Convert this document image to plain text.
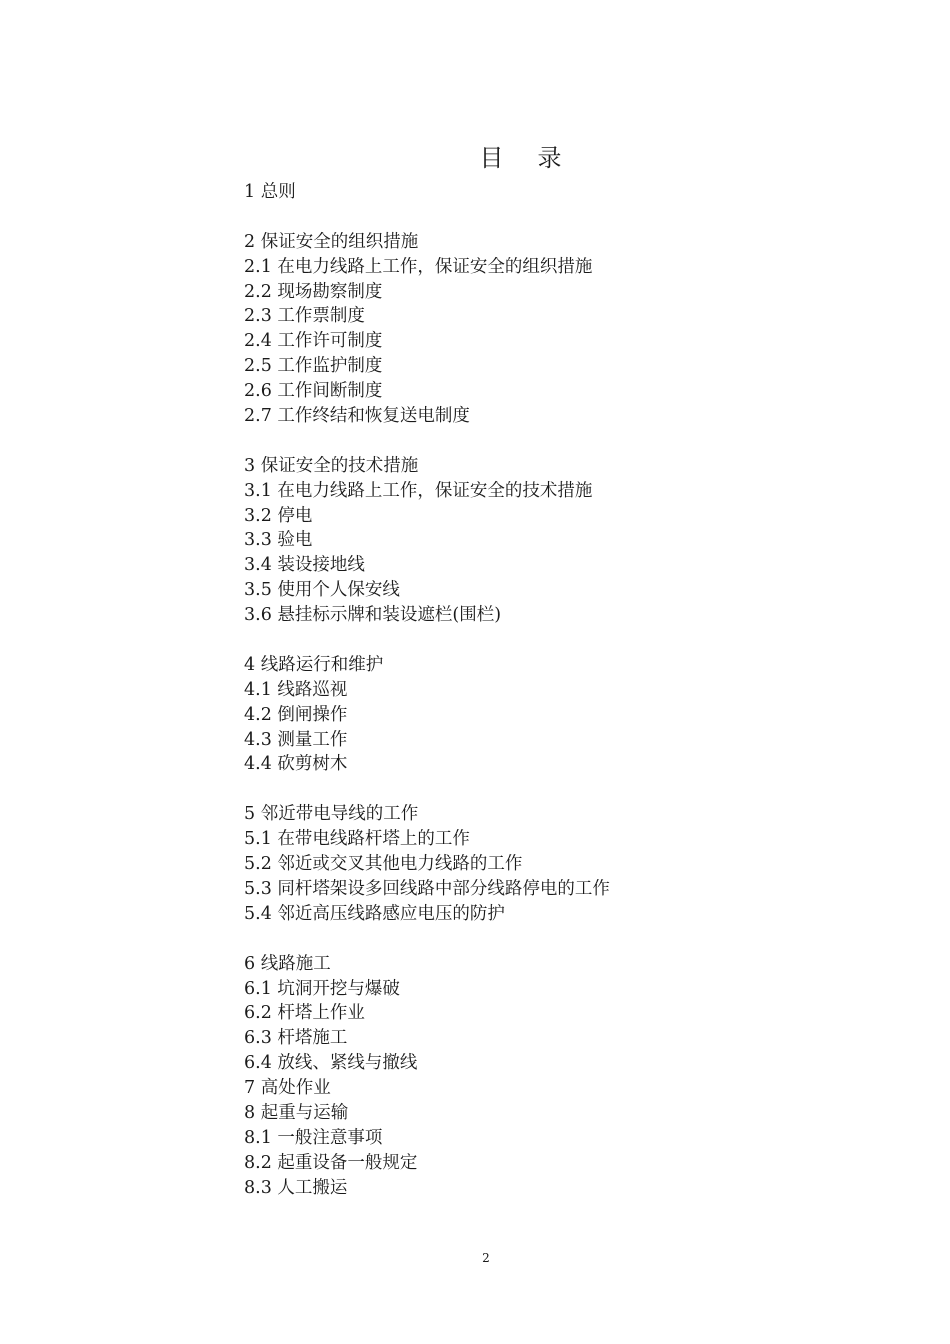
目录
1 总则
2 保证安全的组织措施
2.1 在电力线路上工作，保证安全的组织措施
2.2 现场勘察制度
2.3 工作票制度
2.4 工作许可制度
2.5 工作监护制度
2.6 工作间断制度
2.7 工作终结和恢复送电制度
3 保证安全的技术措施
3.1 在电力线路上工作，保证安全的技术措施
3.2 停电
3.3 验电
3.4 装设接地线
3.5 使用个人保安线
3.6 悬挂标示牌和装设遮栏(围栏)
4 线路运行和维护
4.1 线路巡视
4.2 倒闸操作
4.3 测量工作
4.4 砍剪树木
5 邻近带电导线的工作
5.1 在带电线路杆塔上的工作
5.2 邻近或交叉其他电力线路的工作
5.3 同杆塔架设多回线路中部分线路停电的工作
5.4 邻近高压线路感应电压的防护
6 线路施工
6.1 坑洞开挖与爆破
6.2 杆塔上作业
6.3 杆塔施工
6.4 放线、紧线与撤线
7 高处作业
8 起重与运输
8.1 一般注意事项
8.2 起重设备一般规定
8.3 人工搬运
2
